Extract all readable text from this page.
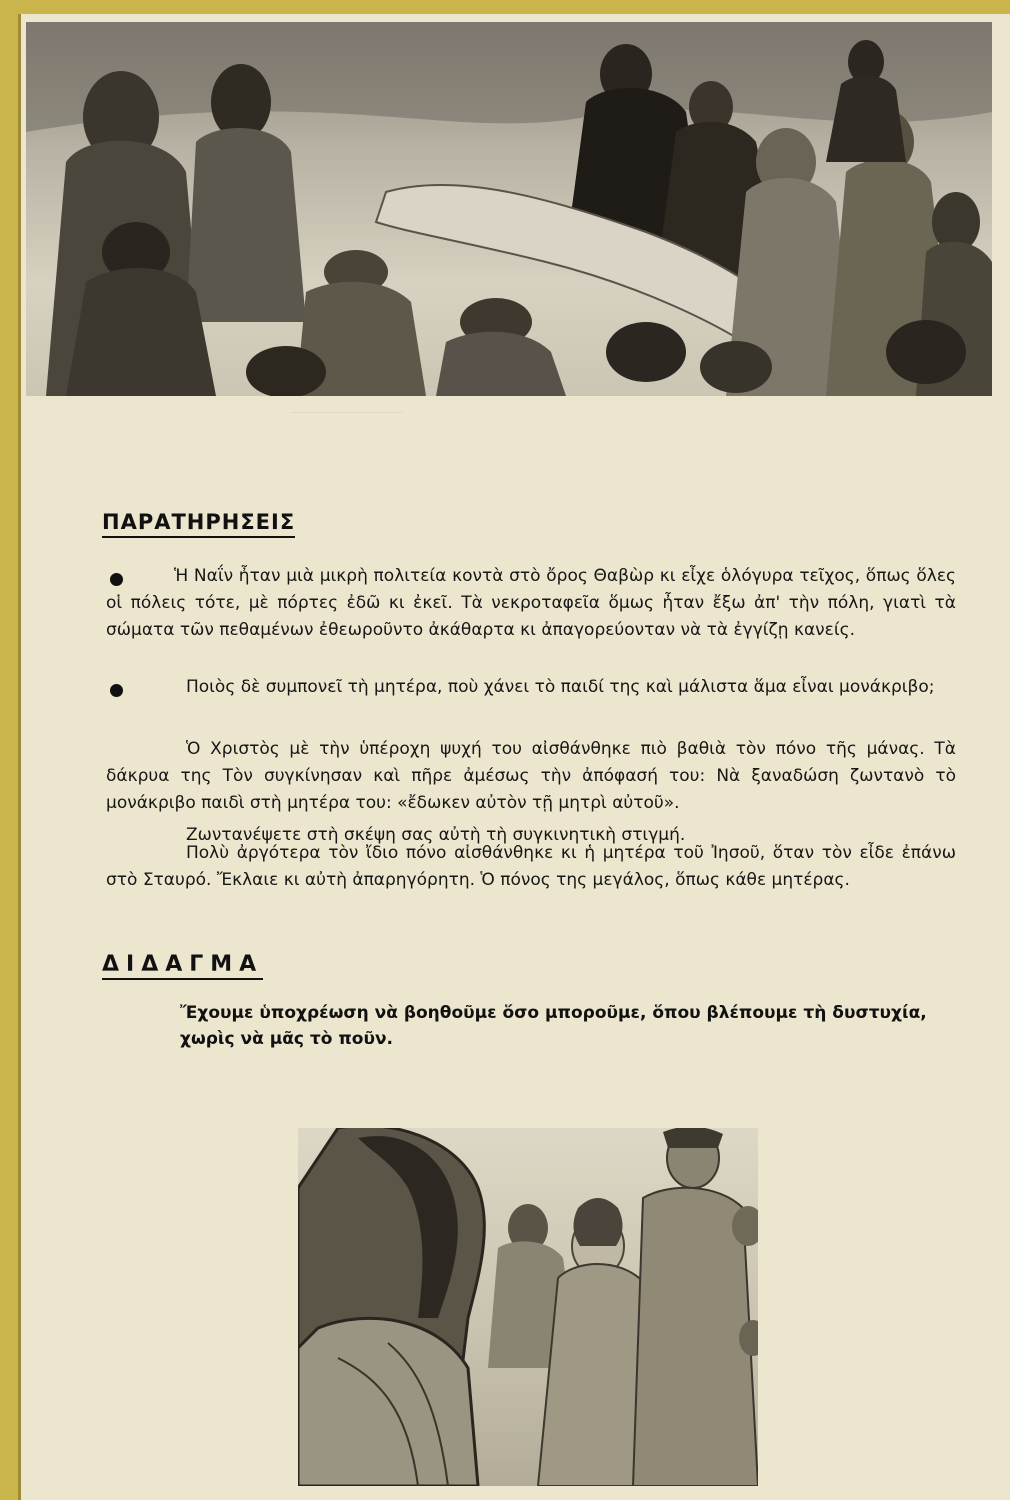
_______________
ΠΑΡΑΤΗΡΗΣΕΙΣ
Ἡ Ναΐν ἦταν μιὰ μικρὴ πολιτεία κοντὰ στὸ ὄρος Θαβὼρ κι εἶχε ὁλόγυρα τεῖχος, ὅπως ὅλες οἱ πόλεις τότε, μὲ πόρτες ἐδῶ κι ἐκεῖ. Τὰ νεκροταφεῖα ὅμως ἦταν ἔξω ἀπ' τὴν πόλη, γιατὶ τὰ σώματα τῶν πεθαμένων ἐθεωροῦντο ἀκάθαρτα κι ἀπαγορεύονταν νὰ τὰ ἐγγίζῃ κανείς.
Ποιὸς δὲ συμπονεῖ τὴ μητέρα, ποὺ χάνει τὸ παιδί της καὶ μάλιστα ἅμα εἶναι μονάκριβο;
Ὁ Χριστὸς μὲ τὴν ὑπέροχη ψυχή του αἰσθάνθηκε πιὸ βαθιὰ τὸν πόνο τῆς μάνας. Τὰ δάκρυα της Τὸν συγκίνησαν καὶ πῆρε ἀμέσως τὴν ἀπόφασή του: Νὰ ξαναδώση ζωντανὸ τὸ μονάκριβο παιδὶ στὴ μητέρα του: «ἔδωκεν αὐτὸν τῇ μητρὶ αὐτοῦ».
Ζωντανέψετε στὴ σκέψη σας αὐτὴ τὴ συγκινητικὴ στιγμή.
Πολὺ ἀργότερα τὸν ἴδιο πόνο αἰσθάνθηκε κι ἡ μητέρα τοῦ Ἰησοῦ, ὅταν τὸν εἶδε ἐπάνω στὸ Σταυρό. Ἔκλαιε κι αὐτὴ ἀπαρηγόρητη. Ὁ πόνος της μεγάλος, ὅπως κάθε μητέρας.
ΔΙΔΑΓΜΑ
Ἔχουμε ὑποχρέωση νὰ βοηθοῦμε ὅσο μποροῦμε, ὅπου βλέπουμε τὴ δυστυχία, χωρὶς νὰ μᾶς τὸ ποῦν.
